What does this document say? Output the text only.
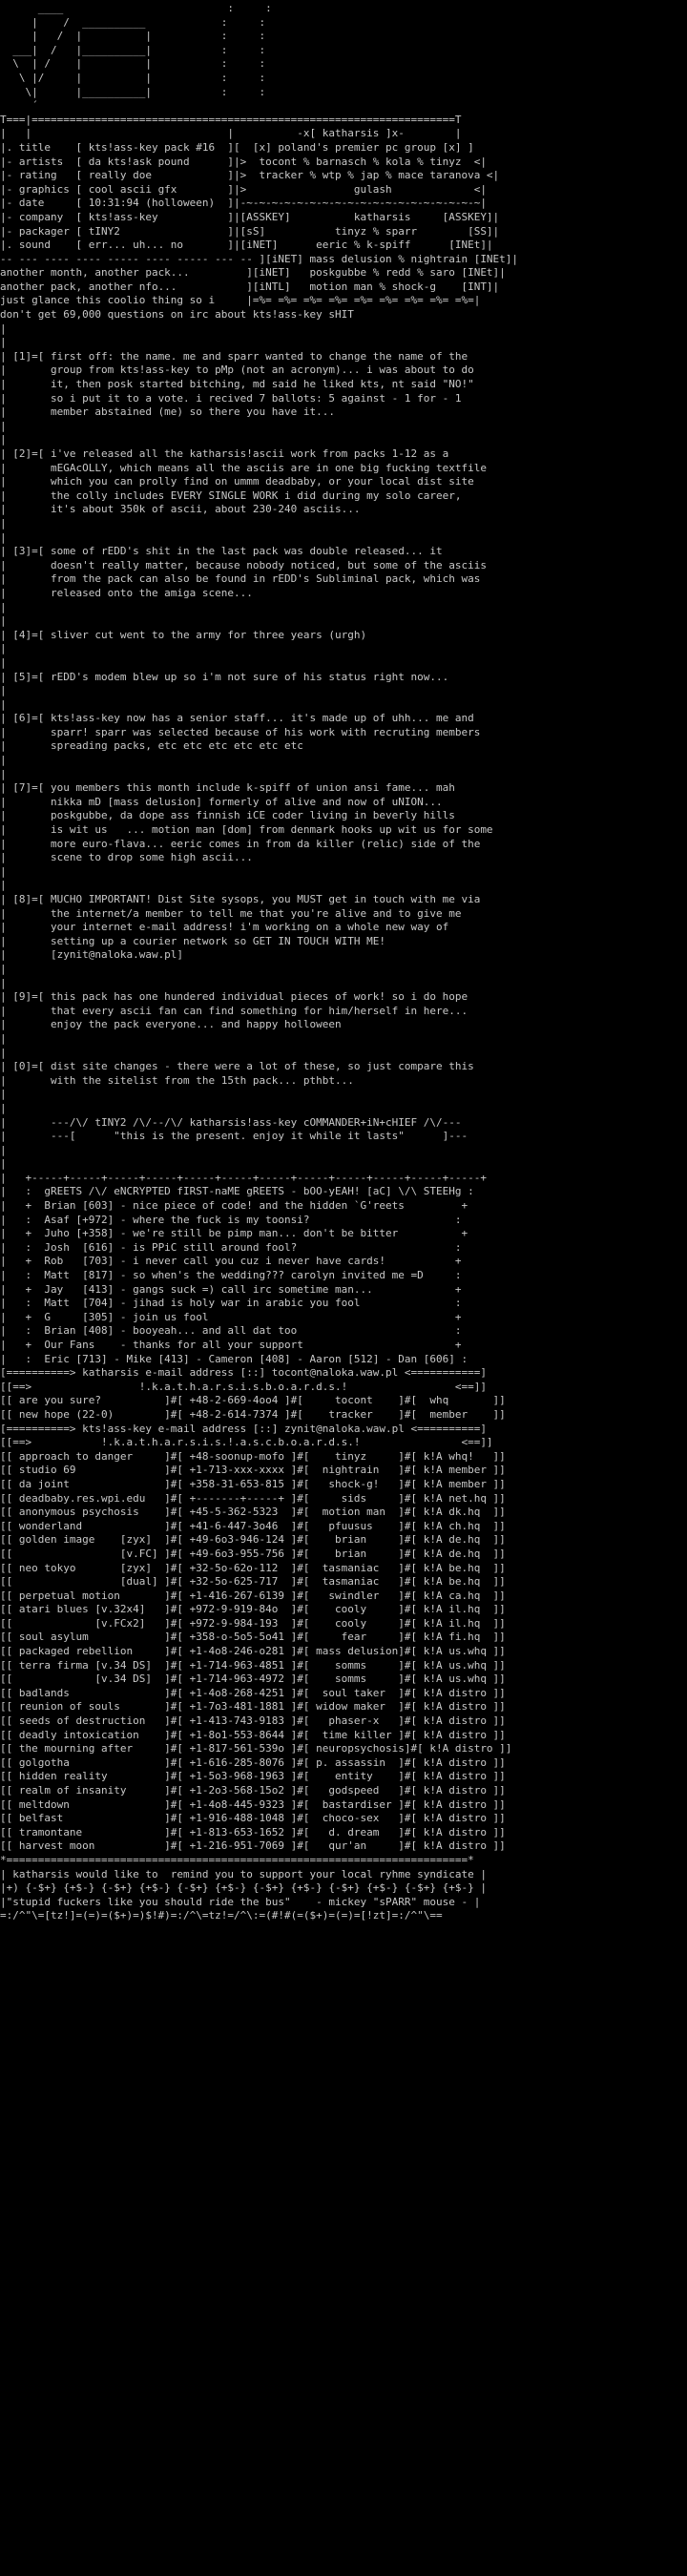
____                          :     :
|    /  __________            :     :
|   /  |          |           :     :
___|  /   |__________|           :     :
\  | /    |          |           :     :
\ |/     |          |           :     :
\|      |__________|           :     :
´
T===|===================================================================T
|   |                               |          -x[ katharsis ]x-        |
|. title    [ kts!ass-key pack #16  ][  [x] poland's premier pc group [x] ]
|- artists  [ da kts!ask pound      ]|>  tocont % barnasch % kola % tinyz  <|
|- rating   [ really doe            ]|>  tracker % wtp % jap % mace taranova <|
|- graphics [ cool ascii gfx        ]|>                 gulash             <|
|- date     [ 10:31:94 (holloween)  ]|-~-~-~-~-~-~-~-~-~-~-~-~-~-~-~-~-~-~-~|
|- company  [ kts!ass-key           ]|[ASSKEY]          katharsis     [ASSKEY]|
|- packager [ tINY2                 ]|[sS]           tinyz % sparr        [SS]|
|. sound    [ err... uh... no       ]|[iNET]      eeric % k-spiff      [INEt]|
-- --- ---- ---- ----- ---- ----- --- -- ][iNET] mass delusion % nightrain [INEt]|
another month, another pack...         ][iNET]   poskgubbe % redd % saro [INEt]|
another pack, another nfo...           ][iNTL]   motion man % shock-g    [INT]|
just glance this coolio thing so i     |=%= =%= =%= =%= =%= =%= =%= =%= =%=|
don't get 69,000 questions on irc about kts!ass-key sHIT
|
|
| [1]=[ first off: the name. me and sparr wanted to change the name of the
|       group from kts!ass-key to pMp (not an acronym)... i was about to do
|       it, then posk started bitching, md said he liked kts, nt said "NO!"
|       so i put it to a vote. i recived 7 ballots: 5 against - 1 for - 1
|       member abstained (me) so there you have it...
|
|
| [2]=[ i've released all the katharsis!ascii work from packs 1-12 as a
|       mEGAcOLLY, which means all the asciis are in one big fucking textfile
|       which you can prolly find on ummm deadbaby, or your local dist site
|       the colly includes EVERY SINGLE WORK i did during my solo career,
|       it's about 350k of ascii, about 230-240 asciis...
|
|
| [3]=[ some of rEDD's shit in the last pack was double released... it
|       doesn't really matter, because nobody noticed, but some of the asciis
|       from the pack can also be found in rEDD's Subliminal pack, which was
|       released onto the amiga scene...
|
|
| [4]=[ sliver cut went to the army for three years (urgh)
|
|
| [5]=[ rEDD's modem blew up so i'm not sure of his status right now...
|
|
| [6]=[ kts!ass-key now has a senior staff... it's made up of uhh... me and
|       sparr! sparr was selected because of his work with recruting members
|       spreading packs, etc etc etc etc etc etc
|
|
| [7]=[ you members this month include k-spiff of union ansi fame... mah
|       nikka mD [mass delusion] formerly of alive and now of uNION...
|       poskgubbe, da dope ass finnish iCE coder living in beverly hills
|       is wit us   ... motion man [dom] from denmark hooks up wit us for some
|       more euro-flava... eeric comes in from da killer (relic) side of the
|       scene to drop some high ascii...
|
|
| [8]=[ MUCHO IMPORTANT! Dist Site sysops, you MUST get in touch with me via
|       the internet/a member to tell me that you're alive and to give me
|       your internet e-mail address! i'm working on a whole new way of
|       setting up a courier network so GET IN TOUCH WITH ME!
|       [zynit@naloka.waw.pl]
|
|
| [9]=[ this pack has one hundered individual pieces of work! so i do hope
|       that every ascii fan can find something for him/herself in here...
|       enjoy the pack everyone... and happy holloween
|
|
| [0]=[ dist site changes - there were a lot of these, so just compare this
|       with the sitelist from the 15th pack... pthbt...
|
|
|       ---/\/ tINY2 /\/--/\/ katharsis!ass-key cOMMANDER+iN+cHIEF /\/---
|       ---[      "this is the present. enjoy it while it lasts"      ]---
|
|
|   +-----+-----+-----+-----+-----+-----+-----+-----+-----+-----+-----+-----+
|   :  gREETS /\/ eNCRYPTED fIRST-naME gREETS - bOO-yEAH! [aC] \/\ STEEHg :
|   +  Brian [603] - nice piece of code! and the hidden `G'reets         +
|   :  Asaf [+972] - where the fuck is my toonsi?                       :
|   +  Juho [+358] - we're still be pimp man... don't be bitter          +
|   :  Josh  [616] - is PPiC still around fool?                         :
|   +  Rob   [703] - i never call you cuz i never have cards!           +
|   :  Matt  [817] - so when's the wedding??? carolyn invited me =D     :
|   +  Jay   [413] - gangs suck =) call irc sometime man...             +
|   :  Matt  [704] - jihad is holy war in arabic you fool               :
|   +  G     [305] - join us fool                                       +
|   :  Brian [408] - booyeah... and all dat too                         :
|   +  Our Fans    - thanks for all your support                        +
|   :  Eric [713] - Mike [413] - Cameron [408] - Aaron [512] - Dan [606] :
[==========> katharsis e-mail address [::] tocont@naloka.waw.pl <===========]
[[==>                 !.k.a.t.h.a.r.s.i.s.b.o.a.r.d.s.!                 <==]]
[[ are you sure?          ]#[ +48-2-669-4oo4 ]#[     tocont    ]#[  whq       ]]
[[ new hope (22-0)        ]#[ +48-2-614-7374 ]#[    tracker    ]#[  member    ]]
[==========> kts!ass-key e-mail address [::] zynit@naloka.waw.pl <==========]
[[==>           !.k.a.t.h.a.r.s.i.s.!.a.s.c.b.o.a.r.d.s.!                <==]]
[[ approach to danger     ]#[ +48-soonup-mofo ]#[    tinyz     ]#[ k!A whq!   ]]
[[ studio 69              ]#[ +1-713-xxx-xxxx ]#[  nightrain   ]#[ k!A member ]]
[[ da joint               ]#[ +358-31-653-815 ]#[   shock-g!   ]#[ k!A member ]]
[[ deadbaby.res.wpi.edu   ]#[ +-------+-----+ ]#[     sids     ]#[ k!A net.hq ]]
[[ anonymous psychosis    ]#[ +45-5-362-5323  ]#[  motion man  ]#[ k!A dk.hq  ]]
[[ wonderland             ]#[ +41-6-447-3o46  ]#[   pfuusus    ]#[ k!A ch.hq  ]]
[[ golden image    [zyx]  ]#[ +49-6o3-946-124 ]#[    brian     ]#[ k!A de.hq  ]]
[[                 [v.FC] ]#[ +49-6o3-955-756 ]#[    brian     ]#[ k!A de.hq  ]]
[[ neo tokyo       [zyx]  ]#[ +32-5o-62o-112  ]#[  tasmaniac   ]#[ k!A be.hq  ]]
[[                 [dual] ]#[ +32-5o-625-717  ]#[  tasmaniac   ]#[ k!A be.hq  ]]
[[ perpetual motion       ]#[ +1-416-267-6139 ]#[   swindler   ]#[ k!A ca.hq  ]]
[[ atari blues [v.32x4]   ]#[ +972-9-919-84o  ]#[    cooly     ]#[ k!A il.hq  ]]
[[             [v.FCx2]   ]#[ +972-9-984-193  ]#[    cooly     ]#[ k!A il.hq  ]]
[[ soul asylum            ]#[ +358-o-5o5-5o41 ]#[     fear     ]#[ k!A fi.hq  ]]
[[ packaged rebellion     ]#[ +1-4o8-246-o281 ]#[ mass delusion]#[ k!A us.whq ]]
[[ terra firma [v.34 DS]  ]#[ +1-714-963-4851 ]#[    somms     ]#[ k!A us.whq ]]
[[             [v.34 DS]  ]#[ +1-714-963-4972 ]#[    somms     ]#[ k!A us.whq ]]
[[ badlands               ]#[ +1-4o8-268-4251 ]#[  soul taker  ]#[ k!A distro ]]
[[ reunion of souls       ]#[ +1-7o3-481-1881 ]#[ widow maker  ]#[ k!A distro ]]
[[ seeds of destruction   ]#[ +1-413-743-9183 ]#[   phaser-x   ]#[ k!A distro ]]
[[ deadly intoxication    ]#[ +1-8o1-553-8644 ]#[  time killer ]#[ k!A distro ]]
[[ the mourning after     ]#[ +1-817-561-539o ]#[ neuropsychosis]#[ k!A distro ]]
[[ golgotha               ]#[ +1-616-285-8076 ]#[ p. assassin  ]#[ k!A distro ]]
[[ hidden reality         ]#[ +1-5o3-968-1963 ]#[    entity    ]#[ k!A distro ]]
[[ realm of insanity      ]#[ +1-2o3-568-15o2 ]#[   godspeed   ]#[ k!A distro ]]
[[ meltdown               ]#[ +1-4o8-445-9323 ]#[  bastardiser ]#[ k!A distro ]]
[[ belfast                ]#[ +1-916-488-1048 ]#[  choco-sex   ]#[ k!A distro ]]
[[ tramontane             ]#[ +1-813-653-1652 ]#[   d. dream   ]#[ k!A distro ]]
[[ harvest moon           ]#[ +1-216-951-7069 ]#[   qur'an     ]#[ k!A distro ]]
*=========================================================================*
| katharsis would like to  remind you to support your local ryhme syndicate |
|+) {-$+} {+$-} {-$+} {+$-} {-$+} {+$-} {-$+} {+$-} {-$+} {+$-} {-$+} {+$-} |
|"stupid fuckers like you should ride the bus"    - mickey "sPARR" mouse - |
=:/^"\=[tz!]=(=)=($+)=)$!#)=:/^\=tz!=/^\:=(#!#(=($+)=(=)=[!zt]=:/^"\==
